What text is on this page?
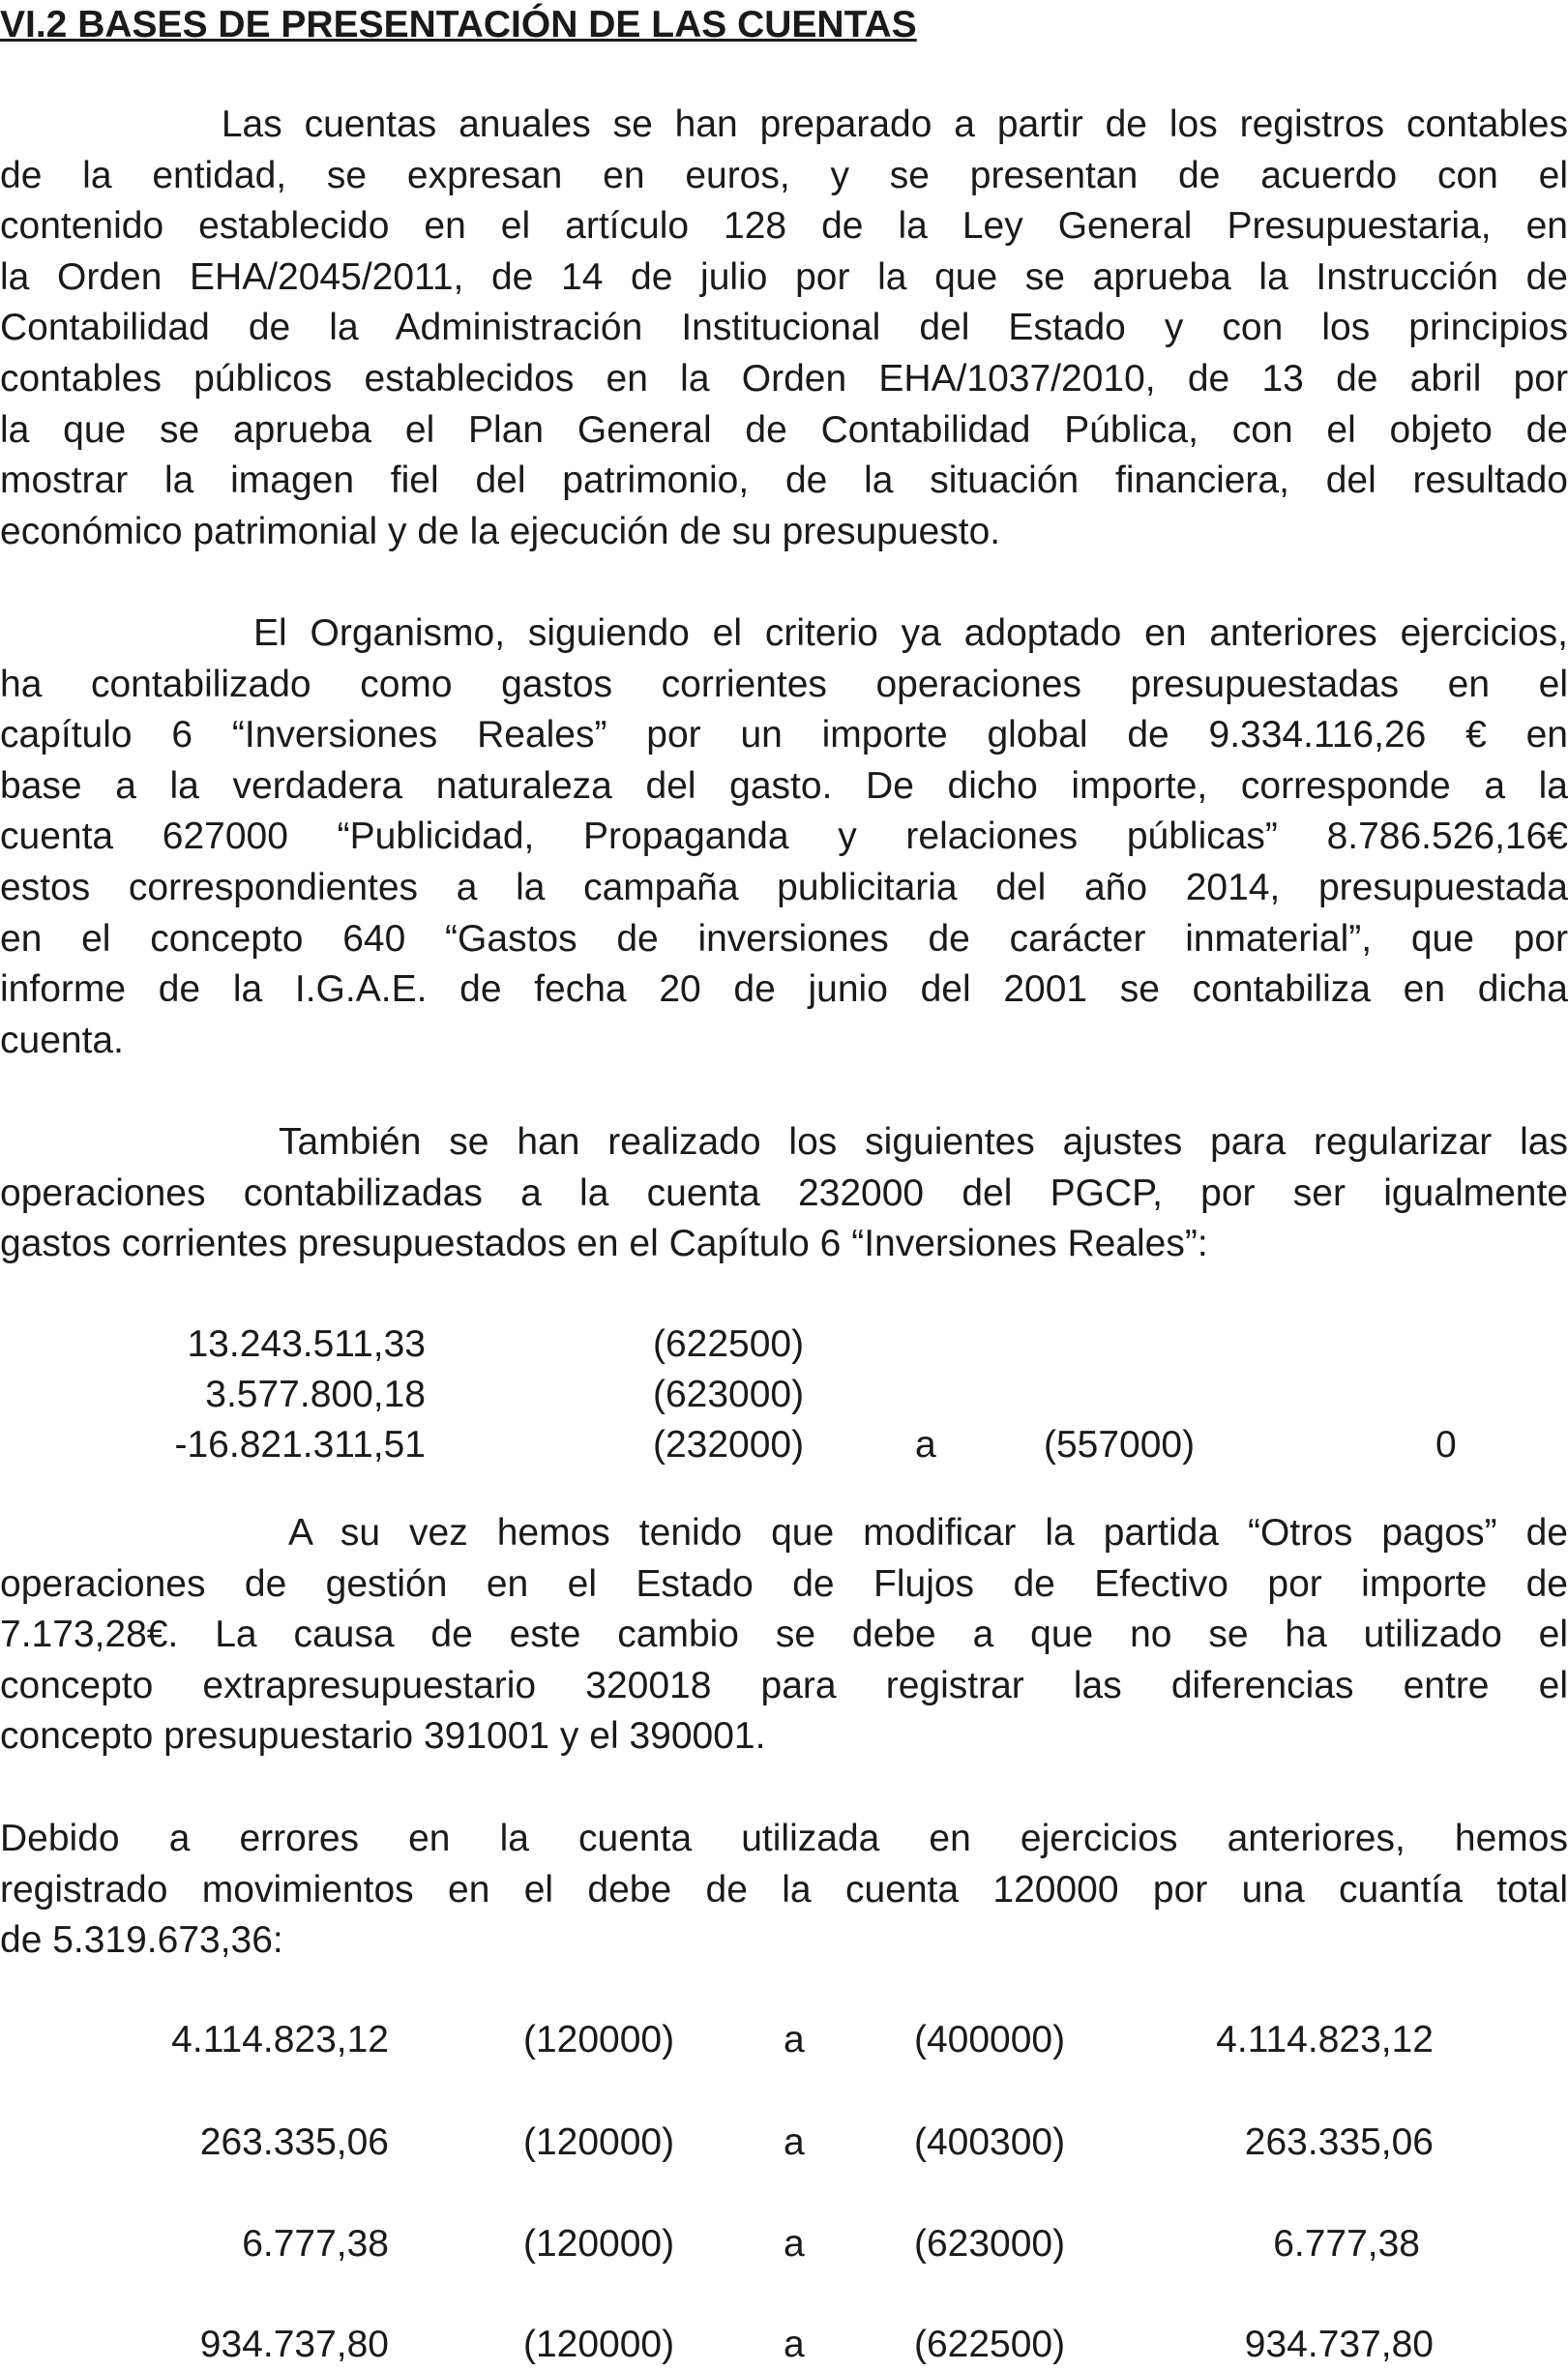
VI.2 BASES DE PRESENTACIÓN DE LAS CUENTAS
Las cuentas anuales se han preparado a partir de los registros contables
de la entidad, se expresan en euros, y se presentan de acuerdo con el
contenido establecido en el artículo 128 de la Ley General Presupuestaria, en
la Orden EHA/2045/2011, de 14 de julio por la que se aprueba la Instrucción de
Contabilidad de la Administración Institucional del Estado y con los principios
contables públicos establecidos en la Orden EHA/1037/2010, de 13 de abril por
la que se aprueba el Plan General de Contabilidad Pública, con el objeto de
mostrar la imagen fiel del patrimonio, de la situación financiera, del resultado
económico patrimonial y de la ejecución de su presupuesto.
El Organismo, siguiendo el criterio ya adoptado en anteriores ejercicios,
ha contabilizado como gastos corrientes operaciones presupuestadas en el
capítulo 6 “Inversiones Reales” por un importe global de 9.334.116,26 € en
base a la verdadera naturaleza del gasto. De dicho importe, corresponde a la
cuenta 627000 “Publicidad, Propaganda y relaciones públicas” 8.786.526,16€
estos correspondientes a la campaña publicitaria del año 2014, presupuestada
en el concepto 640 “Gastos de inversiones de carácter inmaterial”, que por
informe de la I.G.A.E. de fecha 20 de junio del 2001 se contabiliza en dicha
cuenta.
También se han realizado los siguientes ajustes para regularizar las
operaciones contabilizadas a la cuenta 232000 del PGCP, por ser igualmente
gastos corrientes presupuestados en el Capítulo 6 “Inversiones Reales”:
13.243.511,33	(622500)
3.577.800,18	(623000)
-16.821.311,51	(232000)	a	(557000)	0
A su vez hemos tenido que modificar la partida “Otros pagos” de
operaciones de gestión en el Estado de Flujos de Efectivo por importe de
7.173,28€. La causa de este cambio se debe a que no se ha utilizado el
concepto extrapresupuestario 320018 para registrar las diferencias entre el
concepto presupuestario 391001 y el 390001.
Debido a errores en la cuenta utilizada en ejercicios anteriores, hemos
registrado movimientos en el debe de la cuenta 120000 por una cuantía total
de 5.319.673,36:
4.114.823,12	(120000)	a	(400000)	4.114.823,12
263.335,06	(120000)	a	(400300)	263.335,06
6.777,38	(120000)	a	(623000)	6.777,38
934.737,80	(120000)	a	(622500)	934.737,80
